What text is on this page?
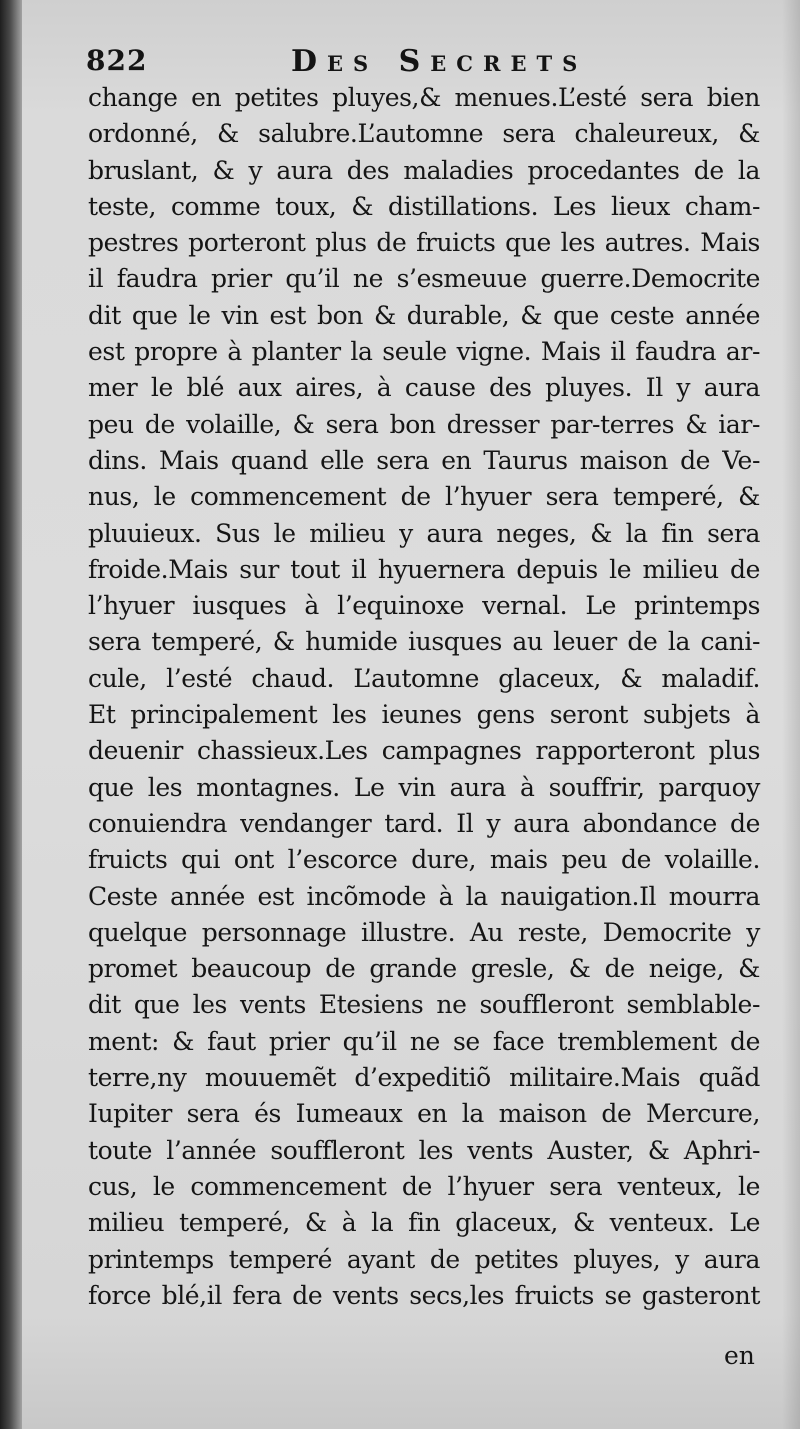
822	Des Secrets
change en petites pluyes,& menues.L’esté sera bien
ordonné, & salubre.L’automne sera chaleureux, &
bruslant, & y aura des maladies procedantes de la
teste, comme toux, & distillations. Les lieux cham-
pestres porteront plus de fruicts que les autres. Mais
il faudra prier qu’il ne s’esmeuue guerre.Democrite
dit que le vin est bon & durable, & que ceste année
est propre à planter la seule vigne. Mais il faudra ar-
mer le blé aux aires, à cause des pluyes. Il y aura
peu de volaille, & sera bon dresser par-terres & iar-
dins. Mais quand elle sera en Taurus maison de Ve-
nus, le commencement de l’hyuer sera temperé, &
pluuieux. Sus le milieu y aura neges, & la fin sera
froide.Mais sur tout il hyuernera depuis le milieu de
l’hyuer iusques à l’equinoxe vernal. Le printemps
sera temperé, & humide iusques au leuer de la cani-
cule, l’esté chaud. L’automne glaceux, & maladif.
Et principalement les ieunes gens seront subjets à
deuenir chassieux.Les campagnes rapporteront plus
que les montagnes. Le vin aura à souffrir, parquoy
conuiendra vendanger tard. Il y aura abondance de
fruicts qui ont l’escorce dure, mais peu de volaille.
Ceste année est incõmode à la nauigation.Il mourra
quelque personnage illustre. Au reste, Democrite y
promet beaucoup de grande gresle, & de neige, &
dit que les vents Etesiens ne souffleront semblable-
ment: & faut prier qu’il ne se face tremblement de
terre,ny mouuemẽt d’expeditiõ militaire.Mais quãd
Iupiter sera és Iumeaux en la maison de Mercure,
toute l’année souffleront les vents Auster, & Aphri-
cus, le commencement de l’hyuer sera venteux, le
milieu temperé, & à la fin glaceux, & venteux. Le
printemps temperé ayant de petites pluyes, y aura
force blé,il fera de vents secs,les fruicts se gasteront
en
